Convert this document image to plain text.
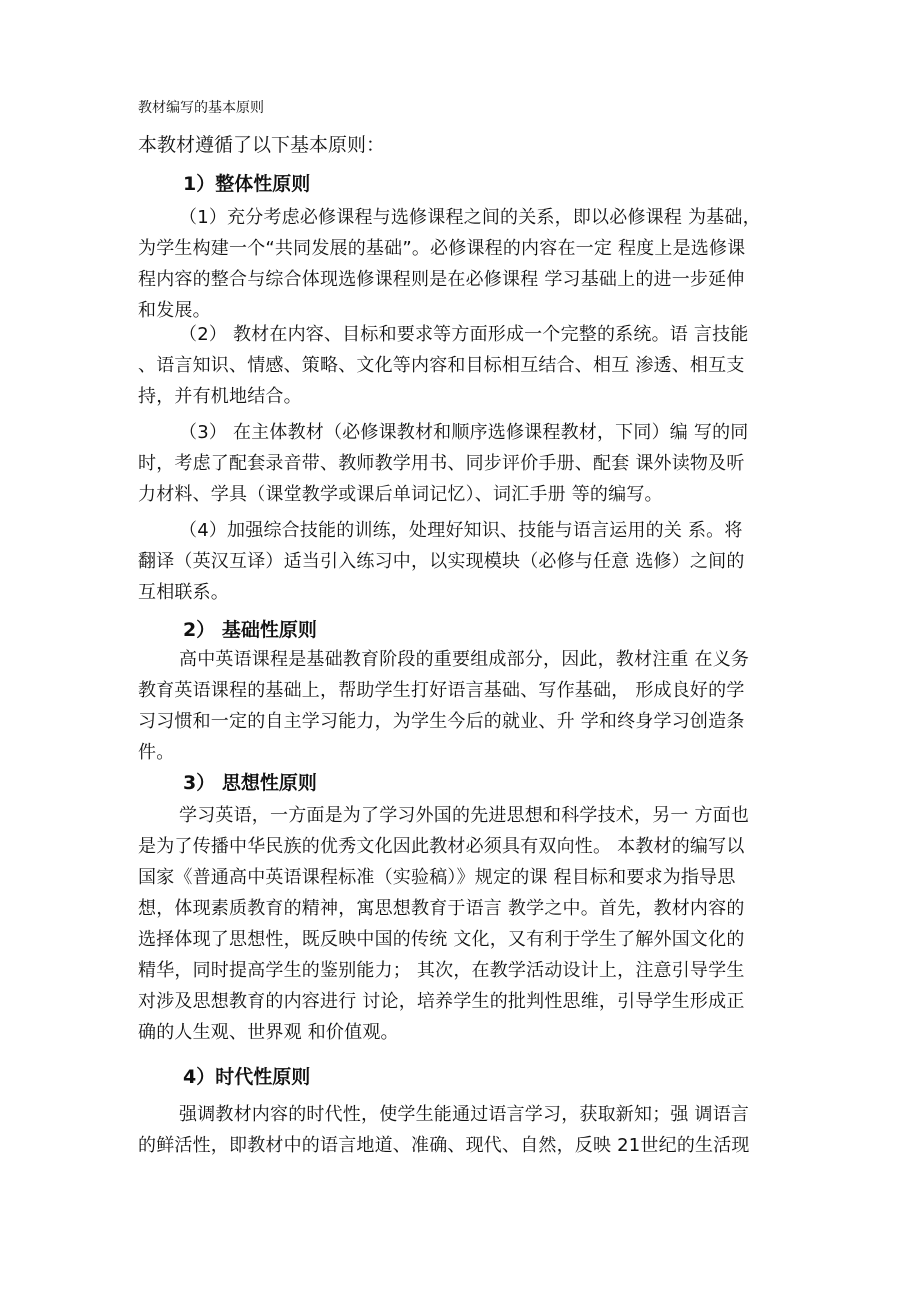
教材编写的基本原则
本教材遵循了以下基本原则：
1）整体性原则
（1）充分考虑必修课程与选修课程之间的关系，即以必修课程 为基础，
为学生构建一个“共同发展的基础”。必修课程的内容在一定 程度上是选修课
程内容的整合与综合体现选修课程则是在必修课程 学习基础上的进一步延伸
和发展。
（2） 教材在内容、目标和要求等方面形成一个完整的系统。语 言技能
、语言知识、情感、策略、文化等内容和目标相互结合、相互 渗透、相互支
持，并有机地结合。
（3） 在主体教材（必修课教材和顺序选修课程教材，下同）编 写的同
时，考虑了配套录音带、教师教学用书、同步评价手册、配套 课外读物及听
力材料、学具（课堂教学或课后单词记忆）、词汇手册 等的编写。
（4）加强综合技能的训练，处理好知识、技能与语言运用的关 系。将
翻译（英汉互译）适当引入练习中，以实现模块（必修与任意 选修）之间的
互相联系。
2） 基础性原则
高中英语课程是基础教育阶段的重要组成部分，因此，教材注重 在义务
教育英语课程的基础上，帮助学生打好语言基础、写作基础， 形成良好的学
习习惯和一定的自主学习能力，为学生今后的就业、升 学和终身学习创造条
件。
3） 思想性原则
学习英语，一方面是为了学习外国的先进思想和科学技术，另一 方面也
是为了传播中华民族的优秀文化因此教材必须具有双向性。 本教材的编写以
国家《普通高中英语课程标准（实验稿）》规定的课 程目标和要求为指导思
想，体现素质教育的精神，寓思想教育于语言 教学之中。首先，教材内容的
选择体现了思想性，既反映中国的传统 文化，又有利于学生了解外国文化的
精华，同时提高学生的鉴别能力； 其次，在教学活动设计上，注意引导学生
对涉及思想教育的内容进行 讨论，培养学生的批判性思维，引导学生形成正
确的人生观、世界观 和价值观。
4）时代性原则
强调教材内容的时代性，使学生能通过语言学习，获取新知；强 调语言
的鲜活性，即教材中的语言地道、准确、现代、自然，反映 21世纪的生活现
